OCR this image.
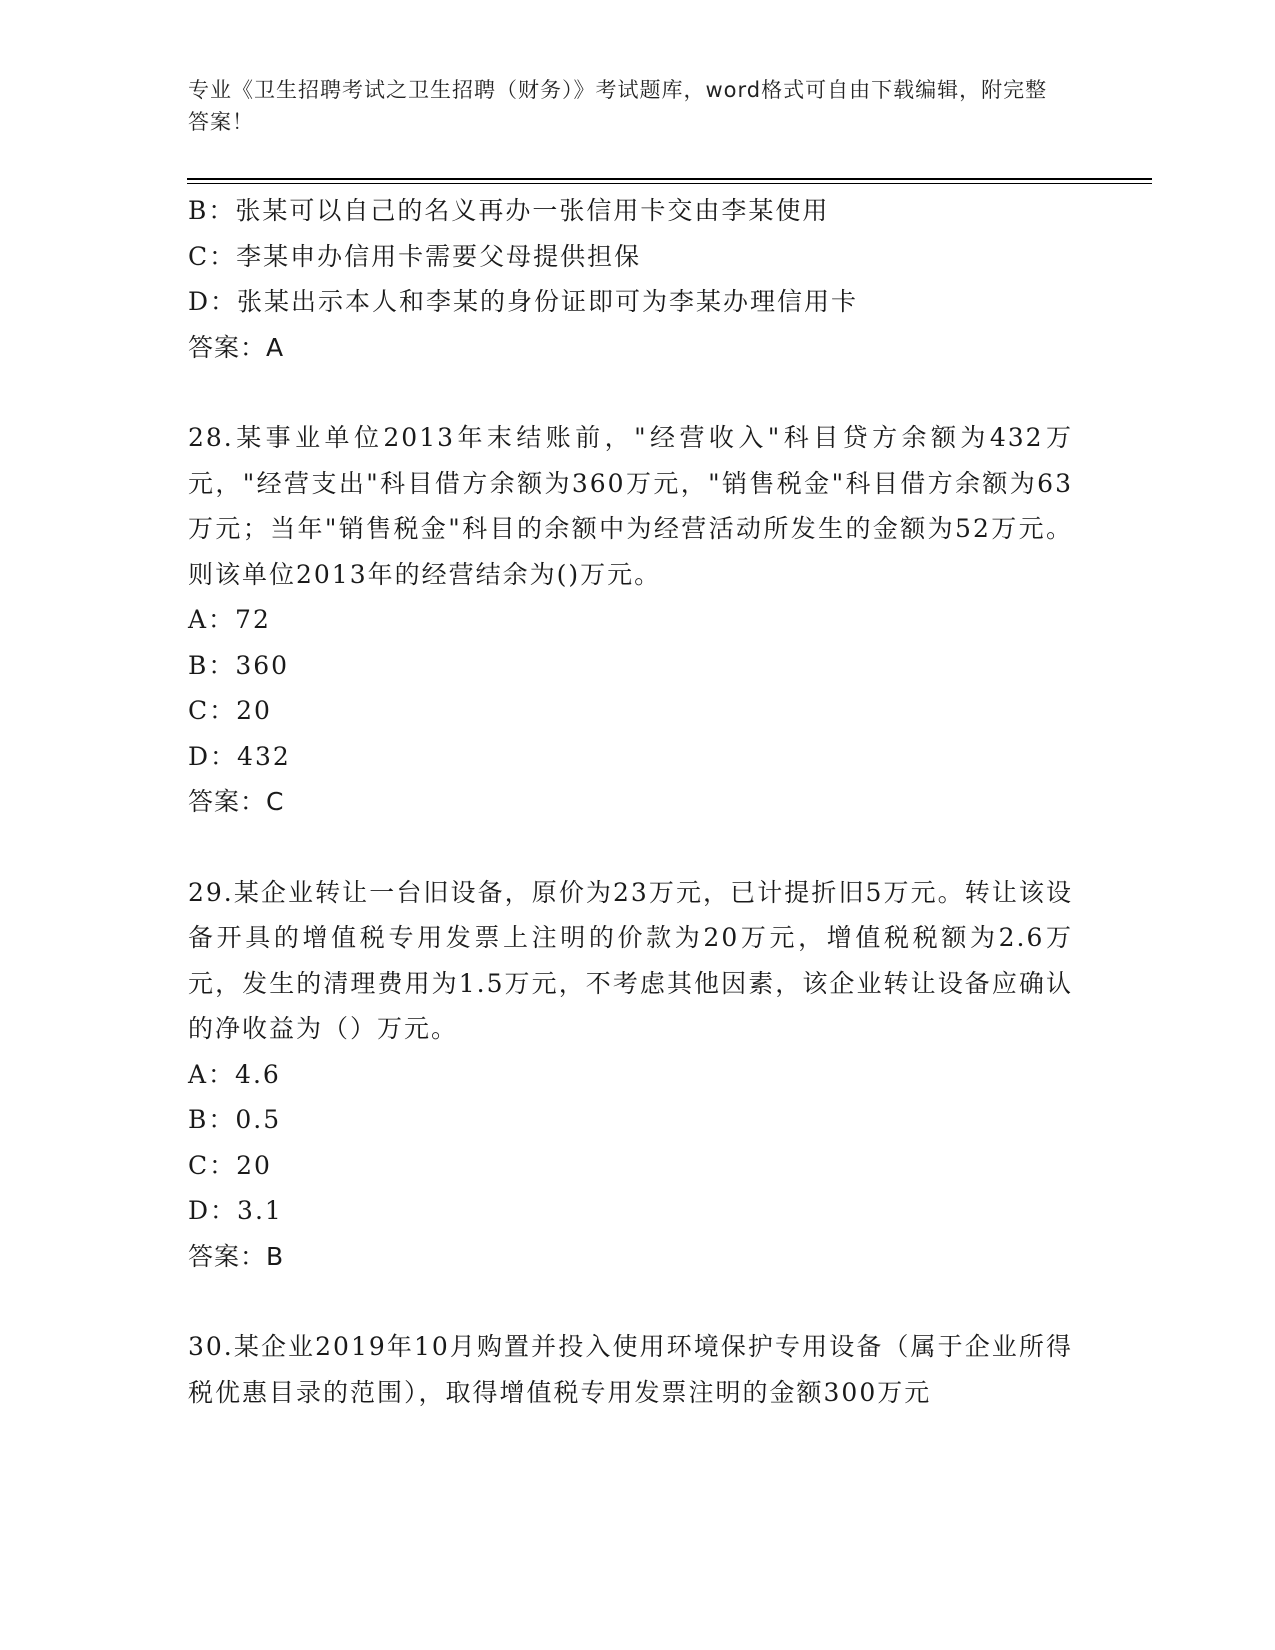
专业《卫生招聘考试之卫生招聘（财务）》考试题库，word格式可自由下载编辑，附完整答案！
B：张某可以自己的名义再办一张信用卡交由李某使用
C：李某申办信用卡需要父母提供担保
D：张某出示本人和李某的身份证即可为李某办理信用卡
答案：A

28.某事业单位2013年末结账前，"经营收入"科目贷方余额为432万元，"经营支出"科目借方余额为360万元，"销售税金"科目借方余额为63万元；当年"销售税金"科目的余额中为经营活动所发生的金额为52万元。则该单位2013年的经营结余为()万元。

A：72
B：360
C：20
D：432
答案：C

29.某企业转让一台旧设备，原价为23万元，已计提折旧5万元。转让该设备开具的增值税专用发票上注明的价款为20万元，增值税税额为2.6万元，发生的清理费用为1.5万元，不考虑其他因素，该企业转让设备应确认的净收益为（）万元。

A：4.6
B：0.5
C：20
D：3.1
答案：B

30.某企业2019年10月购置并投入使用环境保护专用设备（属于企业所得税优惠目录的范围），取得增值税专用发票注明的金额300万元
